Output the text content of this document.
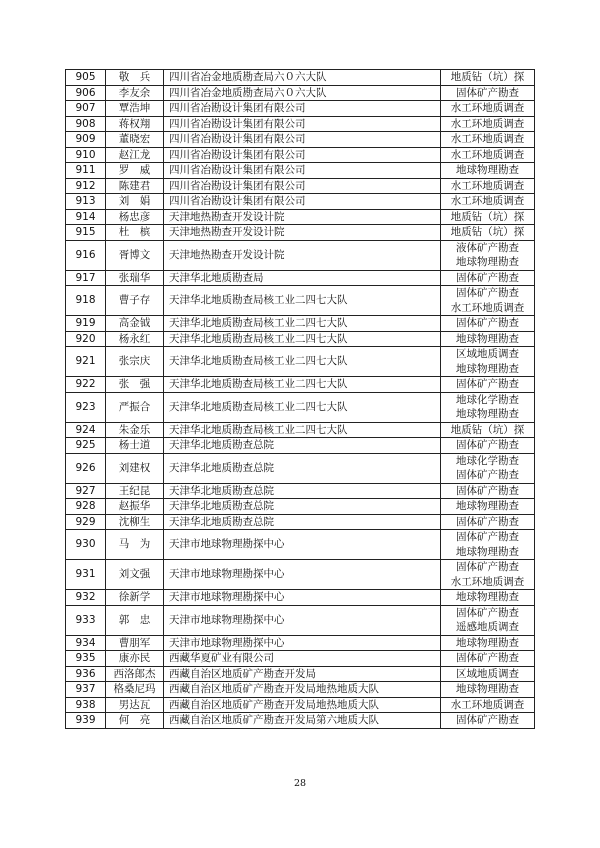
905	敬　兵	四川省冶金地质勘查局六０六大队	地质钻（坑）探

906	李友余	四川省冶金地质勘查局六０六大队	固体矿产勘查

907	覃浩坤	四川省冶勘设计集团有限公司	水工环地质调查

908	蒋权翔	四川省冶勘设计集团有限公司	水工环地质调查

909	董晓宏	四川省冶勘设计集团有限公司	水工环地质调查

910	赵江龙	四川省冶勘设计集团有限公司	水工环地质调查

911	罗　威	四川省冶勘设计集团有限公司	地球物理勘查

912	陈建君	四川省冶勘设计集团有限公司	水工环地质调查

913	刘　娟	四川省冶勘设计集团有限公司	水工环地质调查

914	杨忠彦	天津地热勘查开发设计院	地质钻（坑）探

915	杜　槟	天津地热勘查开发设计院	地质钻（坑）探

916	胥博文	天津地热勘查开发设计院	液体矿产勘查
地球物理勘查

917	张瑞华	天津华北地质勘查局	固体矿产勘查

918	曹子存	天津华北地质勘查局核工业二四七大队	固体矿产勘查
水工环地质调查

919	高金钺	天津华北地质勘查局核工业二四七大队	固体矿产勘查

920	杨永红	天津华北地质勘查局核工业二四七大队	地球物理勘查

921	张宗庆	天津华北地质勘查局核工业二四七大队	区域地质调查
地球物理勘查

922	张　强	天津华北地质勘查局核工业二四七大队	固体矿产勘查

923	严振合	天津华北地质勘查局核工业二四七大队	地球化学勘查
地球物理勘查

924	朱金乐	天津华北地质勘查局核工业二四七大队	地质钻（坑）探

925	杨士道	天津华北地质勘查总院	固体矿产勘查

926	刘建权	天津华北地质勘查总院	地球化学勘查
固体矿产勘查

927	王纪昆	天津华北地质勘查总院	固体矿产勘查

928	赵振华	天津华北地质勘查总院	地球物理勘查

929	沈柳生	天津华北地质勘查总院	固体矿产勘查

930	马　为	天津市地球物理勘探中心	固体矿产勘查
地球物理勘查

931	刘文强	天津市地球物理勘探中心	固体矿产勘查
水工环地质调查

932	徐新学	天津市地球物理勘探中心	地球物理勘查

933	郭　忠	天津市地球物理勘探中心	固体矿产勘查
遥感地质调查

934	曹朋军	天津市地球物理勘探中心	地球物理勘查

935	康亦民	西藏华夏矿业有限公司	固体矿产勘查

936	西洛郎杰	西藏自治区地质矿产勘查开发局	区域地质调查

937	格桑尼玛	西藏自治区地质矿产勘查开发局地热地质大队	地球物理勘查

938	男达瓦	西藏自治区地质矿产勘查开发局地热地质大队	水工环地质调查

939	何　亮	西藏自治区地质矿产勘查开发局第六地质大队	固体矿产勘查
28
